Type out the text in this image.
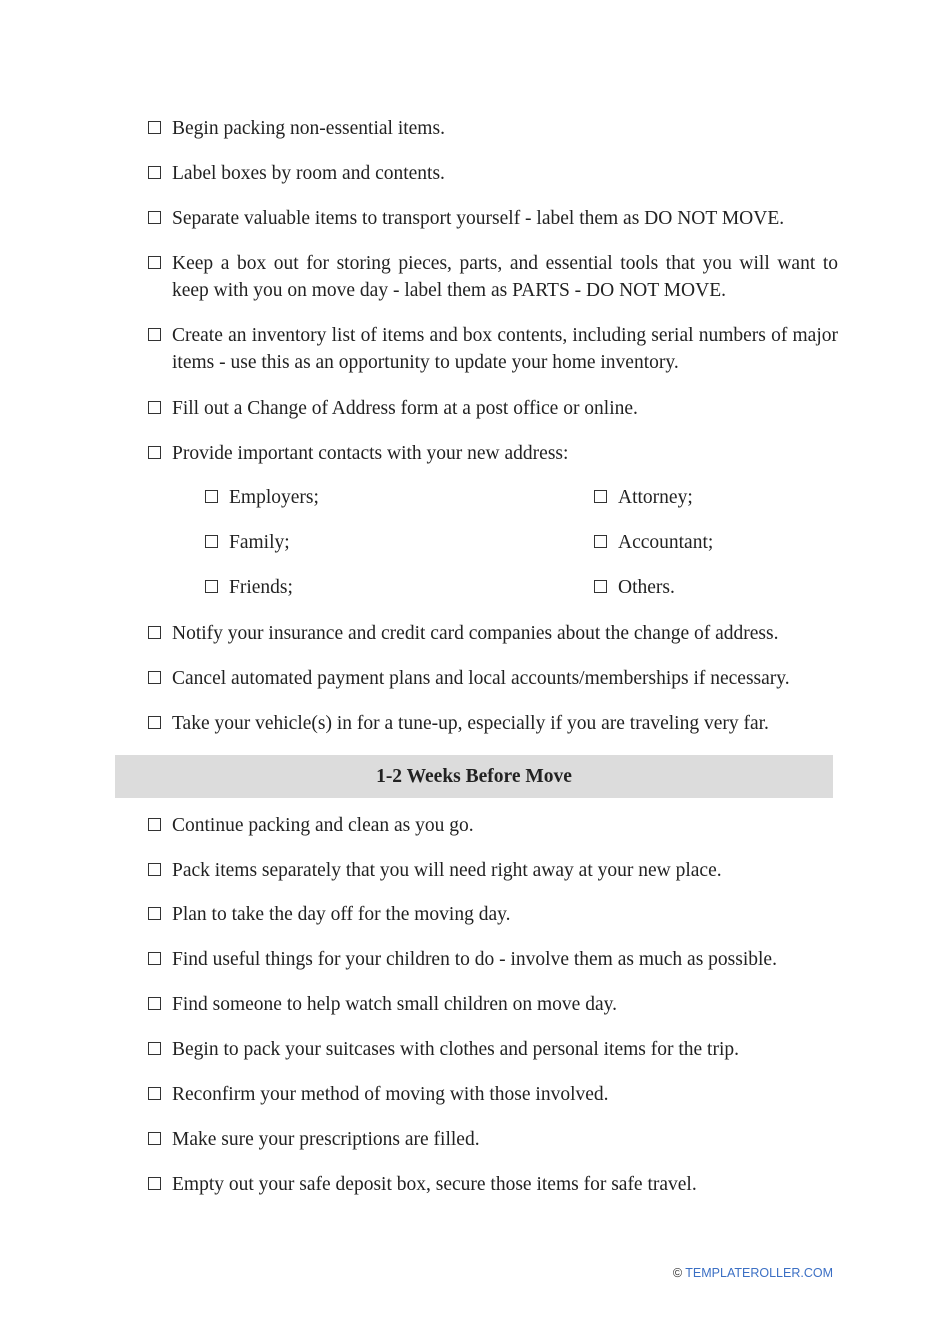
Begin packing non-essential items.
Label boxes by room and contents.
Separate valuable items to transport yourself - label them as DO NOT MOVE.
Keep a box out for storing pieces, parts, and essential tools that you will want to keep with you on move day - label them as PARTS - DO NOT MOVE.
Create an inventory list of items and box contents, including serial numbers of major items - use this as an opportunity to update your home inventory.
Fill out a Change of Address form at a post office or online.
Provide important contacts with your new address:
Employers;
Family;
Friends;
Attorney;
Accountant;
Others.
Notify your insurance and credit card companies about the change of address.
Cancel automated payment plans and local accounts/memberships if necessary.
Take your vehicle(s) in for a tune-up, especially if you are traveling very far.
1-2 Weeks Before Move
Continue packing and clean as you go.
Pack items separately that you will need right away at your new place.
Plan to take the day off for the moving day.
Find useful things for your children to do - involve them as much as possible.
Find someone to help watch small children on move day.
Begin to pack your suitcases with clothes and personal items for the trip.
Reconfirm your method of moving with those involved.
Make sure your prescriptions are filled.
Empty out your safe deposit box, secure those items for safe travel.
© TEMPLATEROLLER.COM
